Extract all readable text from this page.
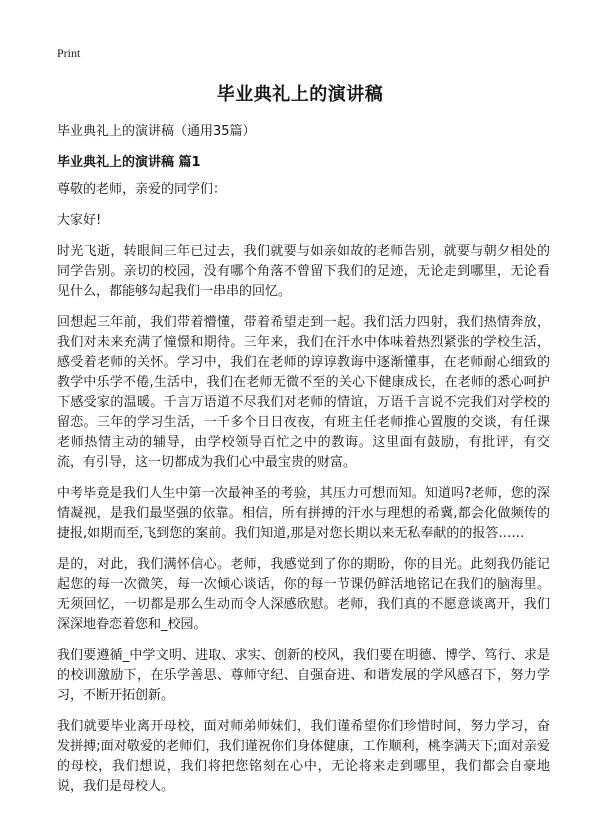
Print
毕业典礼上的演讲稿
毕业典礼上的演讲稿（通用35篇）
毕业典礼上的演讲稿 篇1

尊敬的老师，亲爱的同学们：

大家好!

时光飞逝，转眼间三年已过去，我们就要与如亲如故的老师告别，就要与朝夕相处的同学告别。亲切的校园，没有哪个角落不曾留下我们的足迹，无论走到哪里，无论看见什么，都能够勾起我们一串串的回忆。

回想起三年前，我们带着懵懂，带着希望走到一起。我们活力四射，我们热情奔放，我们对未来充满了憧憬和期待。三年来，我们在汗水中体味着热烈紧张的学校生活，感受着老师的关怀。学习中，我们在老师的谆谆教诲中逐渐懂事，在老师耐心细致的教学中乐学不倦,生活中，我们在老师无微不至的关心下健康成长，在老师的悉心呵护下感受家的温暖。千言万语道不尽我们对老师的情谊，万语千言说不完我们对学校的留恋。三年的学习生活，一千多个日日夜夜，有班主任老师推心置腹的交谈，有任课老师热情主动的辅导，由学校领导百忙之中的教诲。这里面有鼓励，有批评，有交流，有引导，这一切都成为我们心中最宝贵的财富。

中考毕竟是我们人生中第一次最神圣的考验，其压力可想而知。知道吗?老师，您的深情凝视，是我们最坚强的依靠。相信，所有拼搏的汗水与理想的希冀,都会化做频传的捷报,如期而至,飞到您的案前。我们知道,那是对您长期以来无私奉献的的报答……

是的，对此，我们满怀信心。老师，我感觉到了你的期盼，你的目光。此刻我仍能记起您的每一次微笑，每一次倾心谈话，你的每一节课仍鲜活地铭记在我们的脑海里。无须回忆，一切都是那么生动而令人深感欣慰。老师，我们真的不愿意谈离开，我们深深地眷恋着您和_校园。

我们要遵循_中学文明、进取、求实、创新的校风，我们要在明德、博学、笃行、求是的校训激励下，在乐学善思、尊师守纪、自强奋进、和谐发展的学风感召下，努力学习，不断开拓创新。

我们就要毕业离开母校，面对师弟师妹们，我们谨希望你们珍惜时间，努力学习，奋发拼搏;面对敬爱的老师们，我们谨祝你们身体健康，工作顺利，桃李满天下;面对亲爱的母校，我们想说，我们将把您铭刻在心中，无论将来走到哪里，我们都会自豪地说，我们是母校人。
